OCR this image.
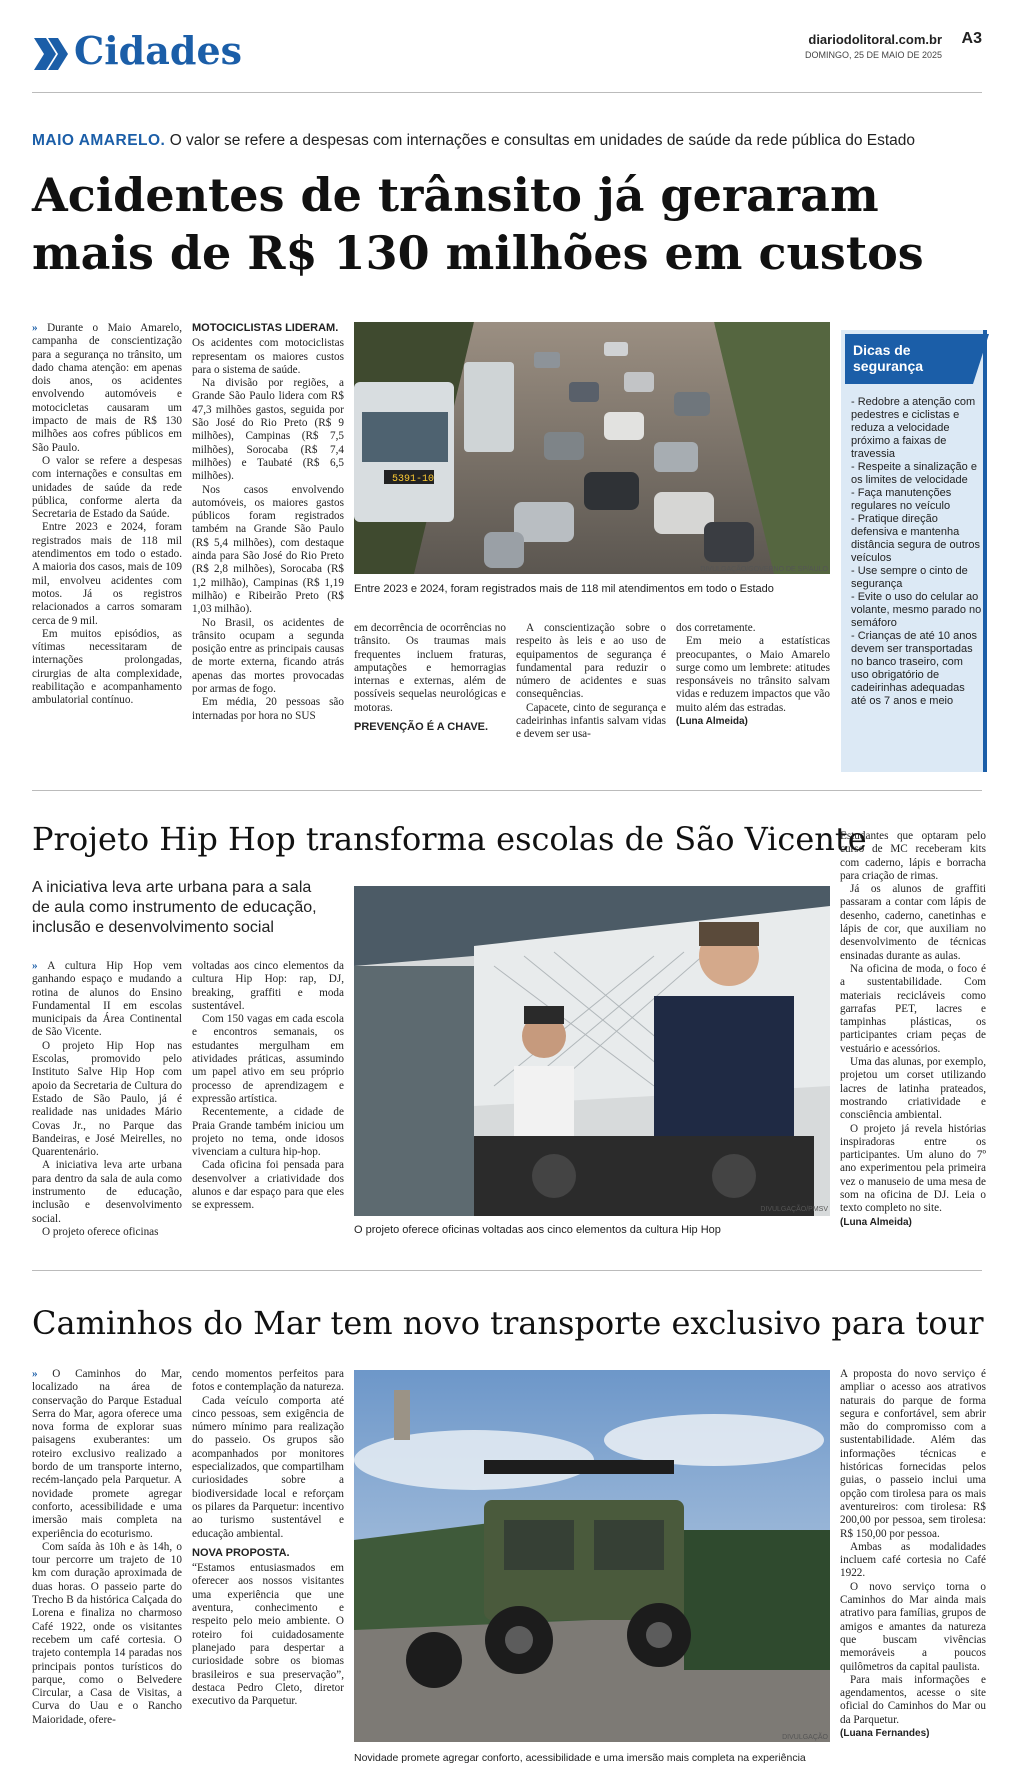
Cidades	diariodolitoral.com.br
DOMINGO, 25 DE MAIO DE 2025
A3
MAIO AMARELO. O valor se refere a despesas com internações e consultas em unidades de saúde da rede pública do Estado
Acidentes de trânsito já geraram
mais de R$ 130 milhões em custos

» Durante o Maio Amarelo, campanha de conscientização para a segurança no trânsito, um dado chama atenção: em apenas dois anos, os acidentes envolvendo automóveis e motocicletas causaram um impacto de mais de R$ 130 milhões aos cofres públicos em São Paulo.

O valor se refere a despesas com internações e consultas em unidades de saúde da rede pública, conforme alerta da Secretaria de Estado da Saúde.

Entre 2023 e 2024, foram registrados mais de 118 mil atendimentos em todo o estado. A maioria dos casos, mais de 109 mil, envolveu acidentes com motos. Já os registros relacionados a carros somaram cerca de 9 mil.

Em muitos episódios, as vítimas necessitaram de internações prolongadas, cirurgias de alta complexidade, reabilitação e acompanhamento ambulatorial contínuo.

MOTOCICLISTAS LIDERAM.

Os acidentes com motociclistas representam os maiores custos para o sistema de saúde.

Na divisão por regiões, a Grande São Paulo lidera com R$ 47,3 milhões gastos, seguida por São José do Rio Preto (R$ 9 milhões), Campinas (R$ 7,5 milhões), Sorocaba (R$ 7,4 milhões) e Taubaté (R$ 6,5 milhões).

Nos casos envolvendo automóveis, os maiores gastos públicos foram registrados também na Grande São Paulo (R$ 5,4 milhões), com destaque ainda para São José do Rio Preto (R$ 2,8 milhões), Sorocaba (R$ 1,2 milhão), Campinas (R$ 1,19 milhão) e Ribeirão Preto (R$ 1,03 milhão).

No Brasil, os acidentes de trânsito ocupam a segunda posição entre as principais causas de morte externa, ficando atrás apenas das mortes provocadas por armas de fogo.

Em média, 20 pessoas são internadas por hora no SUS

5391-10
DIVULGAÇÃO/GOVERNO DE SP/AULO
Entre 2023 e 2024, foram registrados mais de 118 mil atendimentos em todo o Estado

em decorrência de ocorrências no trânsito. Os traumas mais frequentes incluem fraturas, amputações e hemorragias internas e externas, além de possíveis sequelas neurológicas e motoras.

PREVENÇÃO É A CHAVE.

A conscientização sobre o respeito às leis e ao uso de equipamentos de segurança é fundamental para reduzir o número de acidentes e suas consequências.

Capacete, cinto de segurança e cadeirinhas infantis salvam vidas e devem ser usa-

dos corretamente.

Em meio a estatísticas preocupantes, o Maio Amarelo surge como um lembrete: atitudes responsáveis no trânsito salvam vidas e reduzem impactos que vão muito além das estradas.

(Luna Almeida)

Dicas de
segurança
- Redobre a atenção com pedestres e ciclistas e reduza a velocidade próximo a faixas de travessia
- Respeite a sinalização e os limites de velocidade
- Faça manutenções regulares no veículo
- Pratique direção defensiva e mantenha distância segura de outros veículos
- Use sempre o cinto de segurança
- Evite o uso do celular ao volante, mesmo parado no semáforo
- Crianças de até 10 anos devem ser transportadas no banco traseiro, com uso obrigatório de cadeirinhas adequadas até os 7 anos e meio
Projeto Hip Hop transforma escolas de São Vicente
A iniciativa leva arte urbana para a sala de aula como instrumento de educação, inclusão e desenvolvimento social

» A cultura Hip Hop vem ganhando espaço e mudando a rotina de alunos do Ensino Fundamental II em escolas municipais da Área Continental de São Vicente.

O projeto Hip Hop nas Escolas, promovido pelo Instituto Salve Hip Hop com apoio da Secretaria de Cultura do Estado de São Paulo, já é realidade nas unidades Mário Covas Jr., no Parque das Bandeiras, e José Meirelles, no Quarentenário.

A iniciativa leva arte urbana para dentro da sala de aula como instrumento de educação, inclusão e desenvolvimento social.

O projeto oferece oficinas

voltadas aos cinco elementos da cultura Hip Hop: rap, DJ, breaking, graffiti e moda sustentável.

Com 150 vagas em cada escola e encontros semanais, os estudantes mergulham em atividades práticas, assumindo um papel ativo em seu próprio processo de aprendizagem e expressão artística.

Recentemente, a cidade de Praia Grande também iniciou um projeto no tema, onde idosos vivenciam a cultura hip-hop.

Cada oficina foi pensada para desenvolver a criatividade dos alunos e dar espaço para que eles se expressem.	DIVULGAÇÃO/PMSV
O projeto oferece oficinas voltadas aos cinco elementos da cultura Hip Hop

Estudantes que optaram pelo curso de MC receberam kits com caderno, lápis e borracha para criação de rimas.

Já os alunos de graffiti passaram a contar com lápis de desenho, caderno, canetinhas e lápis de cor, que auxiliam no desenvolvimento de técnicas ensinadas durante as aulas.

Na oficina de moda, o foco é a sustentabilidade. Com materiais recicláveis como garrafas PET, lacres e tampinhas plásticas, os participantes criam peças de vestuário e acessórios.

Uma das alunas, por exemplo, projetou um corset utilizando lacres de latinha prateados, mostrando criatividade e consciência ambiental.

O projeto já revela histórias inspiradoras entre os participantes. Um aluno do 7º ano experimentou pela primeira vez o manuseio de uma mesa de som na oficina de DJ. Leia o texto completo no site.

(Luna Almeida)

Caminhos do Mar tem novo transporte exclusivo para tour

» O Caminhos do Mar, localizado na área de conservação do Parque Estadual Serra do Mar, agora oferece uma nova forma de explorar suas paisagens exuberantes: um roteiro exclusivo realizado a bordo de um transporte interno, recém-lançado pela Parquetur. A novidade promete agregar conforto, acessibilidade e uma imersão mais completa na experiência do ecoturismo.

Com saída às 10h e às 14h, o tour percorre um trajeto de 10 km com duração aproximada de duas horas. O passeio parte do Trecho B da histórica Calçada do Lorena e finaliza no charmoso Café 1922, onde os visitantes recebem um café cortesia. O trajeto contempla 14 paradas nos principais pontos turísticos do parque, como o Belvedere Circular, a Casa de Visitas, a Curva do Uau e o Rancho Maioridade, ofere-

cendo momentos perfeitos para fotos e contemplação da natureza.

Cada veículo comporta até cinco pessoas, sem exigência de número mínimo para realização do passeio. Os grupos são acompanhados por monitores especializados, que compartilham curiosidades sobre a biodiversidade local e reforçam os pilares da Parquetur: incentivo ao turismo sustentável e educação ambiental.

NOVA PROPOSTA.

“Estamos entusiasmados em oferecer aos nossos visitantes uma experiência que une aventura, conhecimento e respeito pelo meio ambiente. O roteiro foi cuidadosamente planejado para despertar a curiosidade sobre os biomas brasileiros e sua preservação”, destaca Pedro Cleto, diretor executivo da Parquetur.

DIVULGAÇÃO
Novidade promete agregar conforto, acessibilidade e uma imersão mais completa na experiência

A proposta do novo serviço é ampliar o acesso aos atrativos naturais do parque de forma segura e confortável, sem abrir mão do compromisso com a sustentabilidade. Além das informações técnicas e históricas fornecidas pelos guias, o passeio inclui uma opção com tirolesa para os mais aventureiros: com tirolesa: R$ 200,00 por pessoa, sem tirolesa: R$ 150,00 por pessoa.

Ambas as modalidades incluem café cortesia no Café 1922.

O novo serviço torna o Caminhos do Mar ainda mais atrativo para famílias, grupos de amigos e amantes da natureza que buscam vivências memoráveis a poucos quilômetros da capital paulista.

Para mais informações e agendamentos, acesse o site oficial do Caminhos do Mar ou da Parquetur.

(Luana Fernandes)
